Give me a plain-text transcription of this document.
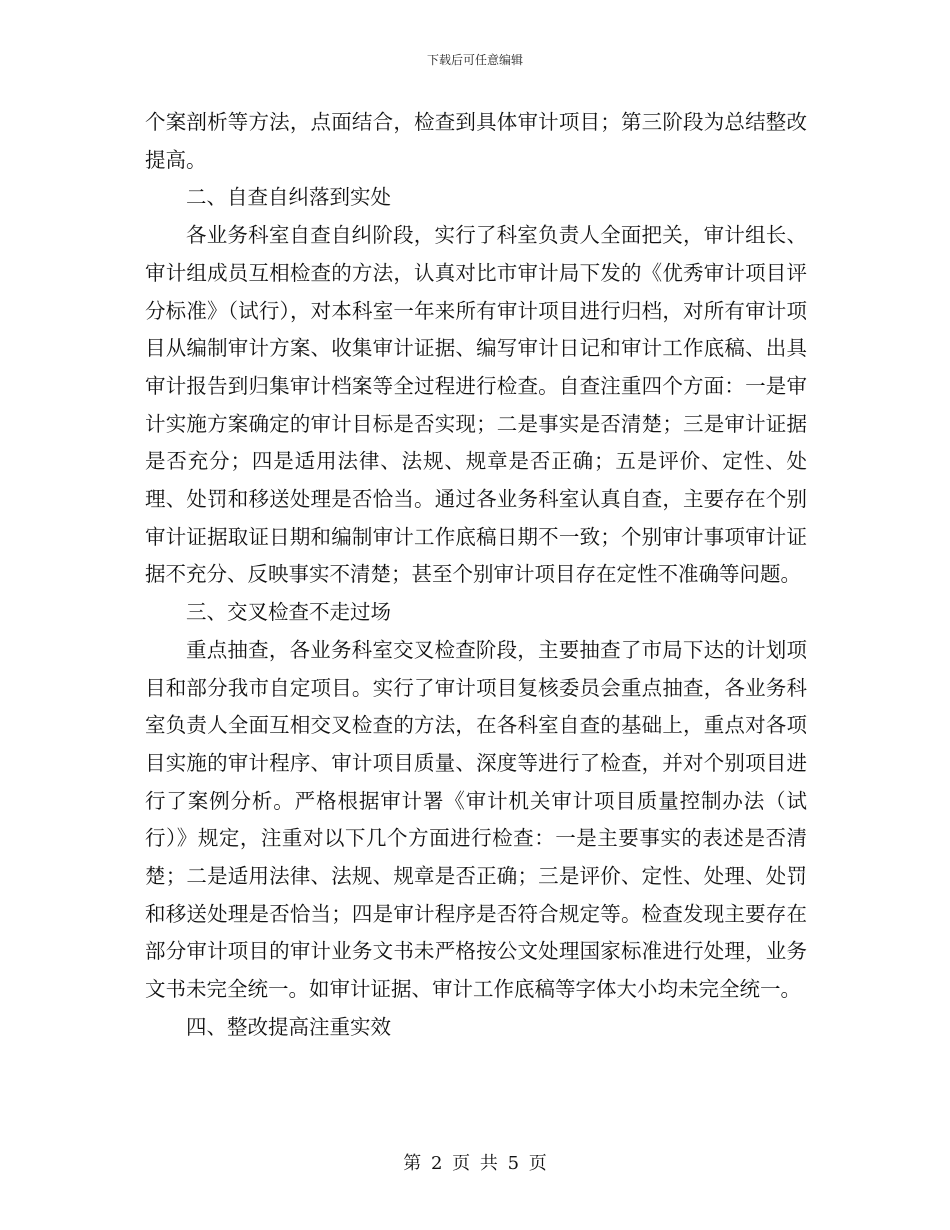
下载后可任意编辑

个案剖析等方法，点面结合，检查到具体审计项目；第三阶段为总结整改提高。

二、自查自纠落到实处

各业务科室自查自纠阶段，实行了科室负责人全面把关，审计组长、审计组成员互相检查的方法，认真对比市审计局下发的《优秀审计项目评分标准》（试行），对本科室一年来所有审计项目进行归档，对所有审计项目从编制审计方案、收集审计证据、编写审计日记和审计工作底稿、出具审计报告到归集审计档案等全过程进行检查。自查注重四个方面：一是审计实施方案确定的审计目标是否实现；二是事实是否清楚；三是审计证据是否充分；四是适用法律、法规、规章是否正确；五是评价、定性、处理、处罚和移送处理是否恰当。通过各业务科室认真自查，主要存在个别审计证据取证日期和编制审计工作底稿日期不一致；个别审计事项审计证据不充分、反映事实不清楚；甚至个别审计项目存在定性不准确等问题。

三、交叉检查不走过场

重点抽查，各业务科室交叉检查阶段，主要抽查了市局下达的计划项目和部分我市自定项目。实行了审计项目复核委员会重点抽查，各业务科室负责人全面互相交叉检查的方法，在各科室自查的基础上，重点对各项目实施的审计程序、审计项目质量、深度等进行了检查，并对个别项目进行了案例分析。严格根据审计署《审计机关审计项目质量控制办法（试行）》规定，注重对以下几个方面进行检查：一是主要事实的表述是否清楚；二是适用法律、法规、规章是否正确；三是评价、定性、处理、处罚和移送处理是否恰当；四是审计程序是否符合规定等。检查发现主要存在部分审计项目的审计业务文书未严格按公文处理国家标准进行处理，业务文书未完全统一。如审计证据、审计工作底稿等字体大小均未完全统一。

四、整改提高注重实效

第 2 页 共 5 页
